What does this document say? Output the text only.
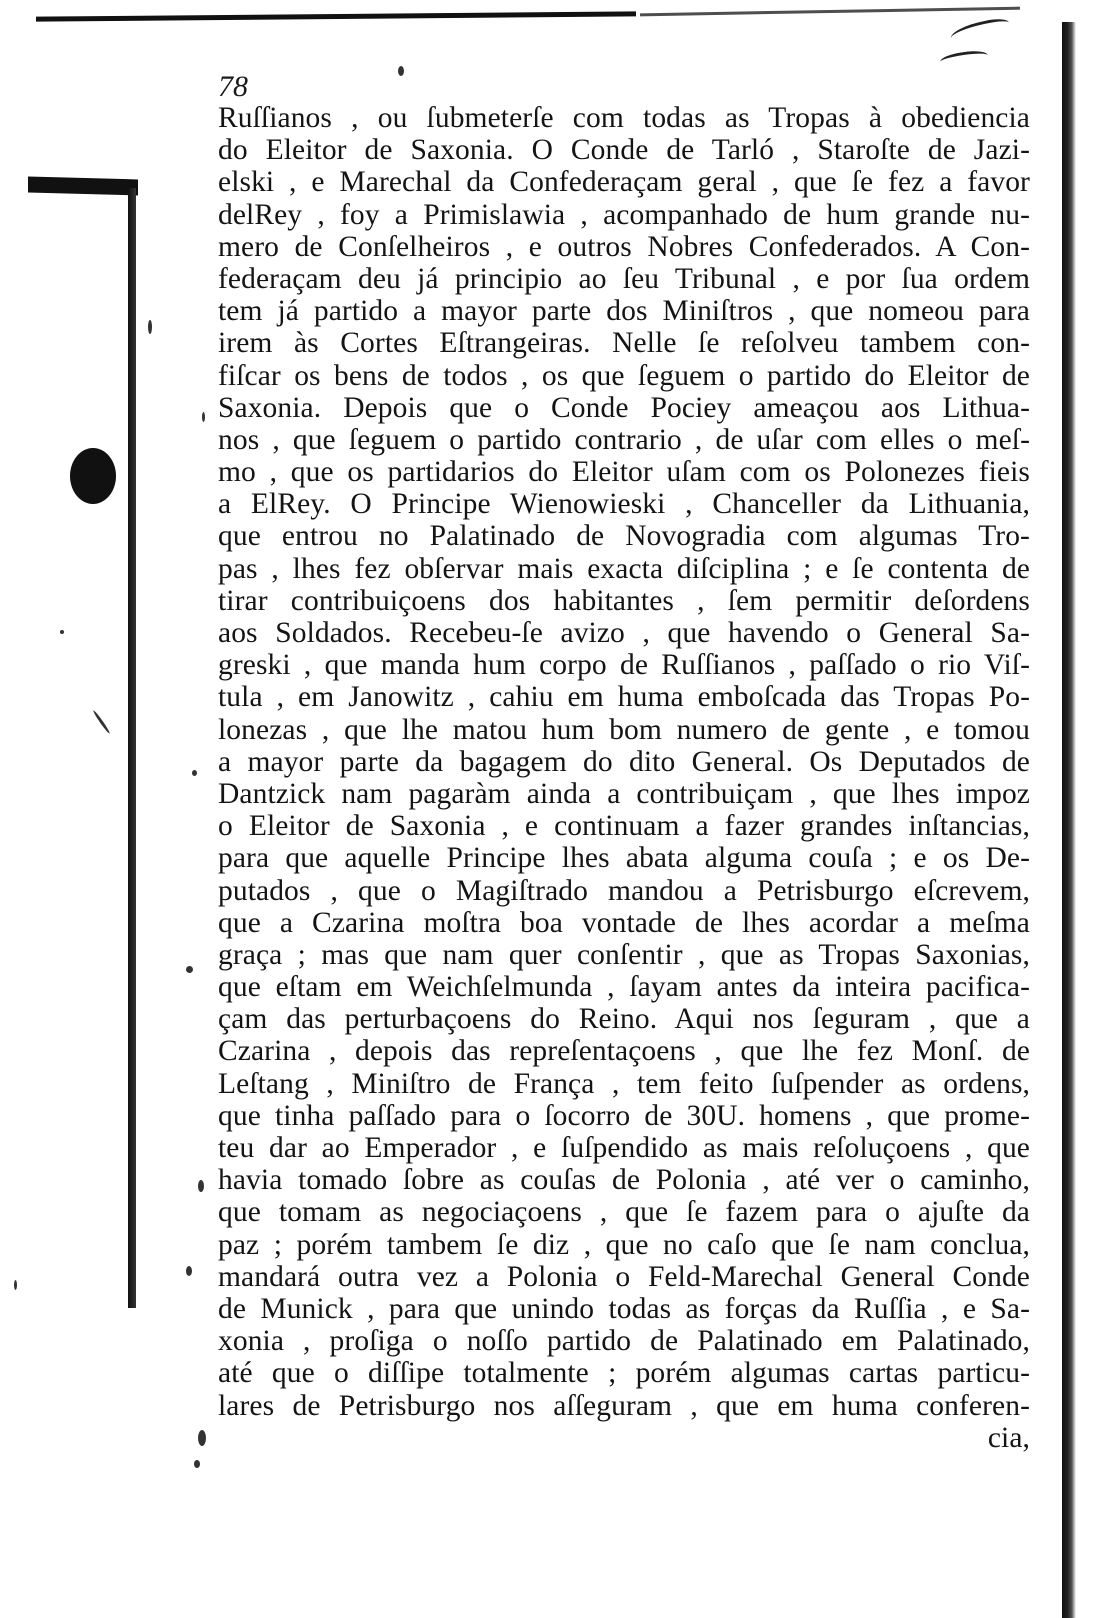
78
Ruſſianos , ou ſubmeterſe com todas as Tropas à obediencia
do Eleitor de Saxonia. O Conde de Tarló , Staroſte de Jazi-
elski , e Marechal da Confederaçam geral , que ſe fez a favor
delRey , foy a Primislawia , acompanhado de hum grande nu-
mero de Conſelheiros , e outros Nobres Confederados. A Con-
federaçam deu já principio ao ſeu Tribunal , e por ſua ordem
tem já partido a mayor parte dos Miniſtros , que nomeou para
irem às Cortes Eſtrangeiras. Nelle ſe reſolveu tambem con-
fiſcar os bens de todos , os que ſeguem o partido do Eleitor de
Saxonia. Depois que o Conde Pociey ameaçou aos Lithua-
nos , que ſeguem o partido contrario , de uſar com elles o meſ-
mo , que os partidarios do Eleitor uſam com os Polonezes fieis
a ElRey. O Principe Wienowieski , Chanceller da Lithuania,
que entrou no Palatinado de Novogradia com algumas Tro-
pas , lhes fez obſervar mais exacta diſciplina ; e ſe contenta de
tirar contribuiçoens dos habitantes , ſem permitir deſordens
aos Soldados. Recebeu-ſe avizo , que havendo o General Sa-
greski , que manda hum corpo de Ruſſianos , paſſado o rio Viſ-
tula , em Janowitz , cahiu em huma emboſcada das Tropas Po-
lonezas , que lhe matou hum bom numero de gente , e tomou
a mayor parte da bagagem do dito General. Os Deputados de
Dantzick nam pagaràm ainda a contribuiçam , que lhes impoz
o Eleitor de Saxonia , e continuam a fazer grandes inſtancias,
para que aquelle Principe lhes abata alguma couſa ; e os De-
putados , que o Magiſtrado mandou a Petrisburgo eſcrevem,
que a Czarina moſtra boa vontade de lhes acordar a meſma
graça ; mas que nam quer conſentir , que as Tropas Saxonias,
que eſtam em Weichſelmunda , ſayam antes da inteira pacifica-
çam das perturbaçoens do Reino. Aqui nos ſeguram , que a
Czarina , depois das repreſentaçoens , que lhe fez Monſ. de
Leſtang , Miniſtro de França , tem feito ſuſpender as ordens,
que tinha paſſado para o ſocorro de 30U. homens , que prome-
teu dar ao Emperador , e ſuſpendido as mais reſoluçoens , que
havia tomado ſobre as couſas de Polonia , até ver o caminho,
que tomam as negociaçoens , que ſe fazem para o ajuſte da
paz ; porém tambem ſe diz , que no caſo que ſe nam conclua,
mandará outra vez a Polonia o Feld-Marechal General Conde
de Munick , para que unindo todas as forças da Ruſſia , e Sa-
xonia , proſiga o noſſo partido de Palatinado em Palatinado,
até que o diſſipe totalmente ; porém algumas cartas particu-
lares de Petrisburgo nos aſſeguram , que em huma conferen-
cia,
